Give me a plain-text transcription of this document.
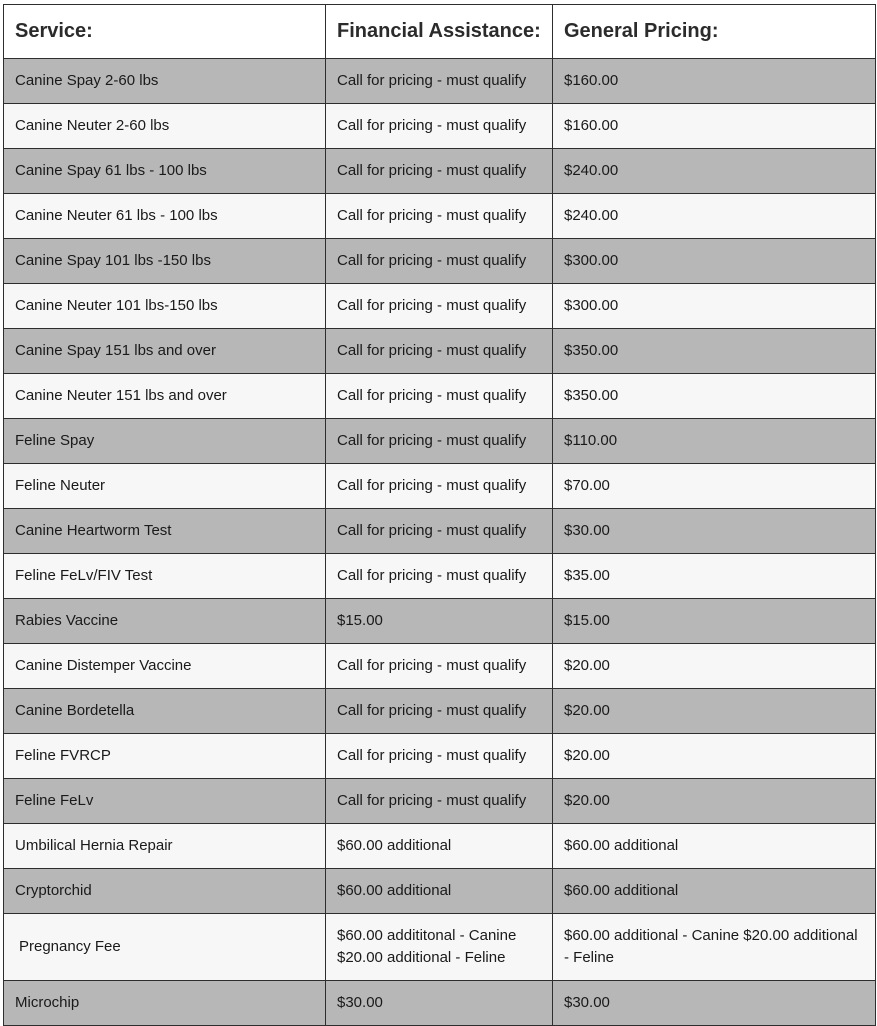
Service:	Financial Assistance:	General Pricing:
Canine Spay 2-60 lbs	Call for pricing - must qualify	$160.00
Canine Neuter 2-60 lbs	Call for pricing - must qualify	$160.00
Canine Spay 61 lbs - 100 lbs	Call for pricing - must qualify	$240.00
Canine Neuter 61 lbs - 100 lbs	Call for pricing - must qualify	$240.00
Canine Spay 101 lbs -150 lbs	Call for pricing - must qualify	$300.00
Canine Neuter 101 lbs-150 lbs	Call for pricing - must qualify	$300.00
Canine Spay 151 lbs and over	Call for pricing - must qualify	$350.00
Canine Neuter 151 lbs and over	Call for pricing - must qualify	$350.00
Feline Spay	Call for pricing - must qualify	$110.00
Feline Neuter	Call for pricing - must qualify	$70.00
Canine Heartworm Test	Call for pricing - must qualify	$30.00
Feline FeLv/FIV Test	Call for pricing - must qualify	$35.00
Rabies Vaccine	$15.00	$15.00
Canine Distemper Vaccine	Call for pricing - must qualify	$20.00
Canine Bordetella	Call for pricing - must qualify	$20.00
Feline FVRCP	Call for pricing - must qualify	$20.00
Feline FeLv	Call for pricing - must qualify	$20.00
Umbilical Hernia Repair	$60.00 additional	$60.00 additional
Cryptorchid	$60.00 additional	$60.00 additional
Pregnancy Fee	$60.00 addititonal - Canine $20.00 additional - Feline	$60.00 additional - Canine $20.00 additional - Feline
Microchip	$30.00	$30.00
